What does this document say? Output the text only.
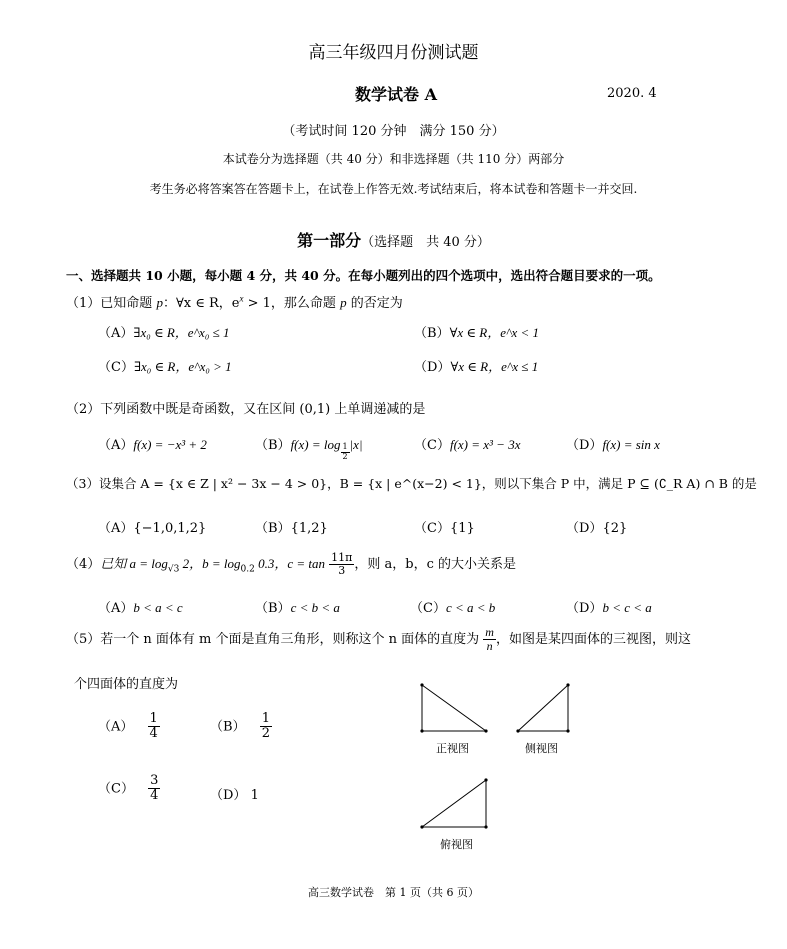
高三年级四月份测试题
数学试卷 A	2020. 4
（考试时间 120 分钟　满分 150 分）
本试卷分为选择题（共 40 分）和非选择题（共 110 分）两部分
考生务必将答案答在答题卡上，在试卷上作答无效.考试结束后，将本试卷和答题卡一并交回.
第一部分（选择题　共 40 分）
一、选择题共 10 小题，每小题 4 分，共 40 分。在每小题列出的四个选项中，选出符合题目要求的一项。
（1）已知命题 p：∀x ∈ R，$e^x > 1$，那么命题 p 的否定为
（A）∃x₀ ∈ R，e^x₀ ≤ 1	（B）∀x ∈ R，e^x < 1
（C）∃x₀ ∈ R，e^x₀ > 1	（D）∀x ∈ R，e^x ≤ 1
（2）下列函数中既是奇函数，又在区间 (0,1) 上单调递减的是
（A）f(x) = −x³ + 2	$(B)f(x) = \log \frac{1}{2} |x|$	（C）f(x) = x³ − 3x	（D）f(x) = sin x
（3）设集合 A = {x ∈ Z | x² − 3x − 4 > 0}，B = {x | e^(x−2) < 1}，则以下集合 P 中，满足 P ⊆ (∁_R A) ∩ B 的是
（A）{−1,0,1,2}	（B）{1,2}	（C）{1}	（D）{2}
（4）已知 $a = \log_{√3} 2$，$b = \log_{0.2} 0.3$，$c = \tan \frac{11\pi}{3}$ ，则 a，b，c 的大小关系是
（A）b < a < c	（B）c < b < a	（C）c < a < b	（D）b < c < a
（5）若一个 n 面体有 m 个面是直角三角形，则称这个 n 面体的直度为 $\frac{m}{n}$ ，如图是某四面体的三视图，则这
个四面体的直度为
$(A) \frac{1}{4}$	$(B) \frac{1}{2}$
$(C) \frac{3}{4}$	（D） 1
正视图	侧视图
俯视图
高三数学试卷　第 1 页（共 6 页）
